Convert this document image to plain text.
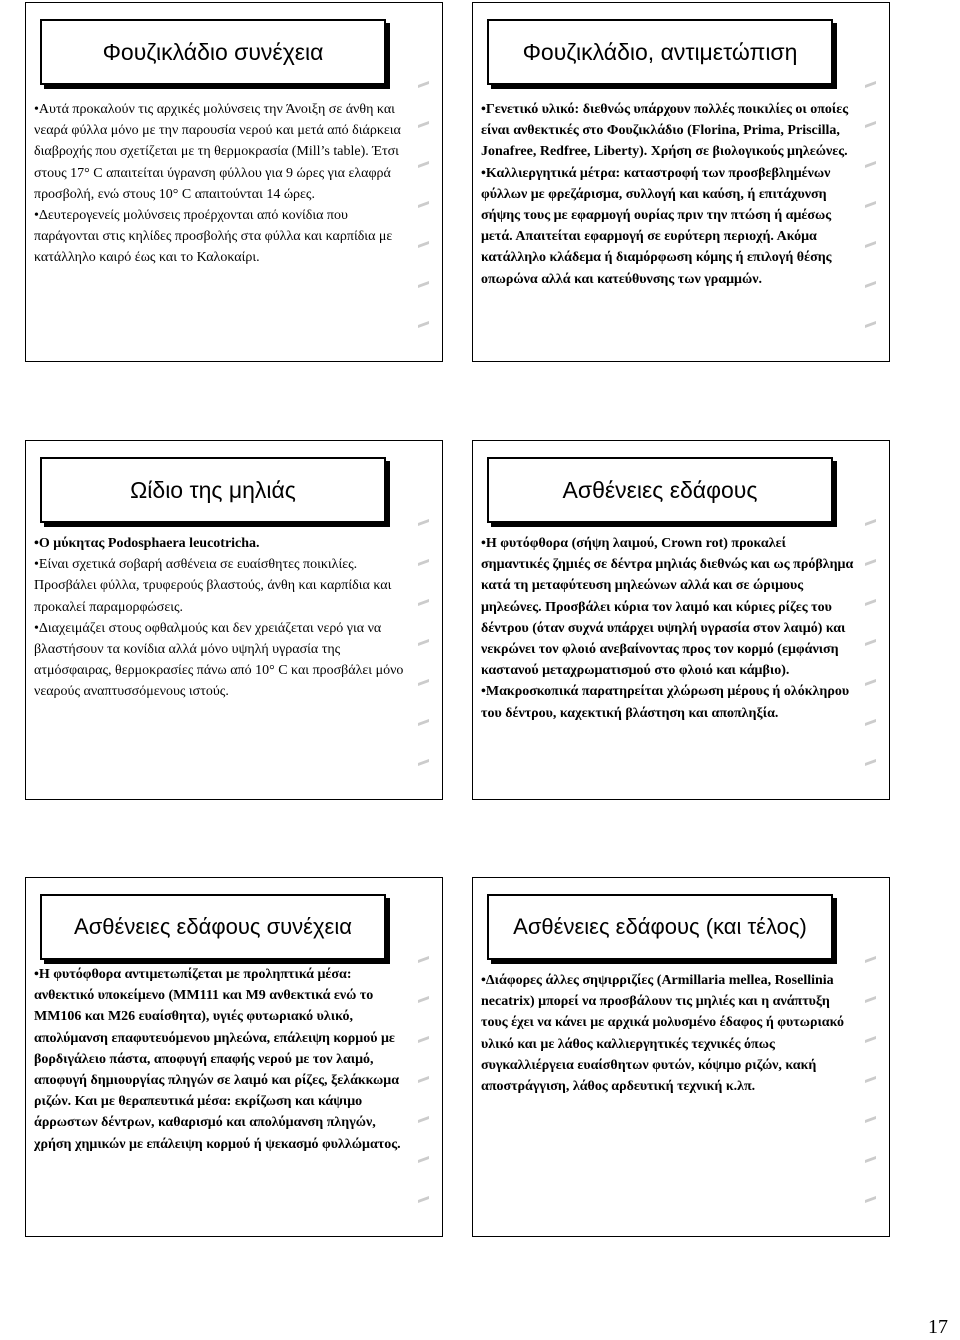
Φουζικλάδιο συνέχεια

•Αυτά προκαλούν τις αρχικές μολύνσεις την Άνοιξη σε άνθη και νεαρά φύλλα μόνο με την παρουσία νερού και μετά από διάρκεια διαβροχής που σχετίζεται με τη θερμοκρασία (Mill’s table). Έτσι στους 17° C απαιτείται ύγρανση φύλλου για 9 ώρες για ελαφρά προσβολή, ενώ στους 10° C απαιτούνται 14 ώρες.

•Δευτερογενείς μολύνσεις προέρχονται από κονίδια που παράγονται στις κηλίδες προσβολής στα φύλλα και καρπίδια με κατάλληλο καιρό έως και το Καλοκαίρι.

Φουζικλάδιο, αντιμετώπιση

•Γενετικό υλικό: διεθνώς υπάρχουν πολλές ποικιλίες οι οποίες είναι ανθεκτικές στο Φουζικλάδιο (Florina, Prima, Priscilla, Jonafree, Redfree, Liberty). Χρήση σε βιολογικούς μηλεώνες.

•Καλλιεργητικά μέτρα: καταστροφή των προσβεβλημένων φύλλων με φρεζάρισμα, συλλογή και καύση, ή επιτάχυνση σήψης τους με εφαρμογή ουρίας πριν την πτώση ή αμέσως μετά. Απαιτείται εφαρμογή σε ευρύτερη περιοχή. Ακόμα κατάλληλο κλάδεμα ή διαμόρφωση κόμης ή επιλογή θέσης οπωρώνα αλλά και κατεύθυνσης των γραμμών.

Ωίδιο της μηλιάς

•Ο μύκητας Podosphaera leucotricha.

•Είναι σχετικά σοβαρή ασθένεια σε ευαίσθητες ποικιλίες. Προσβάλει φύλλα, τρυφερούς βλαστούς, άνθη και καρπίδια και προκαλεί παραμορφώσεις.

•Διαχειμάζει στους οφθαλμούς και δεν χρειάζεται νερό για να βλαστήσουν τα κονίδια αλλά μόνο υψηλή υγρασία της ατμόσφαιρας, θερμοκρασίες πάνω από 10° C και προσβάλει μόνο νεαρούς αναπτυσσόμενους ιστούς.

Ασθένειες εδάφους

•Η φυτόφθορα (σήψη λαιμού, Crown rot) προκαλεί σημαντικές ζημιές σε δέντρα μηλιάς διεθνώς και ως πρόβλημα κατά τη μεταφύτευση μηλεώνων αλλά και σε ώριμους μηλεώνες. Προσβάλει κύρια τον λαιμό και κύριες ρίζες του δέντρου (όταν συχνά υπάρχει υψηλή υγρασία στον λαιμό) και νεκρώνει τον φλοιό ανεβαίνοντας προς τον κορμό (εμφάνιση καστανού μεταχρωματισμού στο φλοιό και κάμβιο).

•Μακροσκοπικά παρατηρείται χλώρωση μέρους ή ολόκληρου του δέντρου, καχεκτική βλάστηση και αποπληξία.

Ασθένειες εδάφους συνέχεια

•Η φυτόφθορα αντιμετωπίζεται με προληπτικά μέσα: ανθεκτικό υποκείμενο (MM111 και M9 ανθεκτικά ενώ το MM106 και M26 ευαίσθητα), υγιές φυτωριακό υλικό, απολύμανση επαφυτευόμενου μηλεώνα, επάλειψη κορμού με βορδιγάλειο πάστα, αποφυγή επαφής νερού με τον λαιμό, αποφυγή δημιουργίας πληγών σε λαιμό και ρίζες, ξελάκκωμα ριζών. Και με θεραπευτικά μέσα: εκρίζωση και κάψιμο άρρωστων δέντρων, καθαρισμό και απολύμανση πληγών, χρήση χημικών με επάλειψη κορμού ή ψεκασμό φυλλώματος.

Ασθένειες εδάφους (και τέλος)

•Διάφορες άλλες σηψιρριζίες (Armillaria mellea, Rosellinia necatrix) μπορεί να προσβάλουν τις μηλιές και η ανάπτυξη τους έχει να κάνει με αρχικά μολυσμένο έδαφος ή φυτωριακό υλικό και με λάθος καλλιεργητικές τεχνικές όπως συγκαλλιέργεια ευαίσθητων φυτών, κόψιμο ριζών, κακή αποστράγγιση, λάθος αρδευτική τεχνική κ.λπ.

17
